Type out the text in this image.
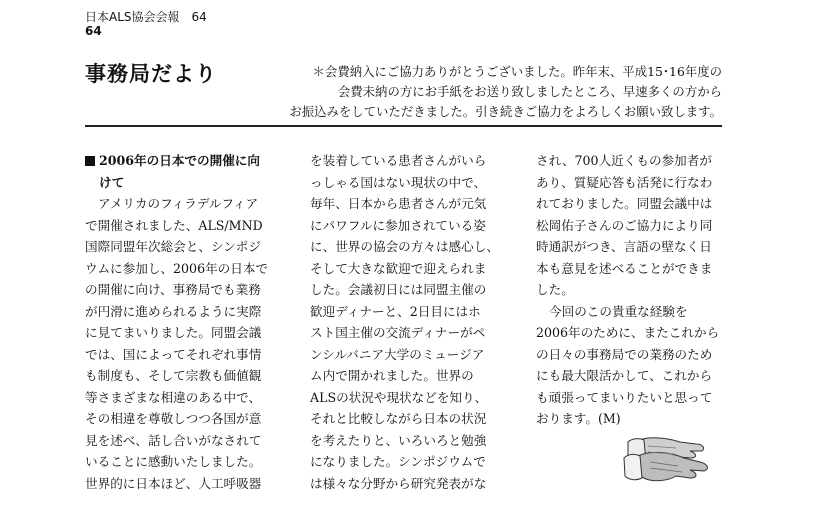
日本ALS協会会報　64
64
事務局だより	＊会費納入にご協力ありがとうございました。昨年末、平成15･16年度の
会費未納の方にお手紙をお送り致しましたところ、早速多くの方から
お振込みをしていただきました。引き続きご協力をよろしくお願い致します。
2006年の日本での開催に向
けて
アメリカのフィラデルフィア
で開催されました、ALS/MND
国際同盟年次総会と、シンポジ
ウムに参加し、2006年の日本で
の開催に向け、事務局でも業務
が円滑に進められるように実際
に見てまいりました。同盟会議
では、国によってそれぞれ事情
も制度も、そして宗教も価値観
等さまざまな相違のある中で、
その相違を尊敬しつつ各国が意
見を述べ、話し合いがなされて
いることに感動いたしました。
世界的に日本ほど、人工呼吸器
を装着している患者さんがいら
っしゃる国はない現状の中で、
毎年、日本から患者さんが元気
にパワフルに参加されている姿
に、世界の協会の方々は感心し、
そして大きな歓迎で迎えられま
した。会議初日には同盟主催の
歓迎ディナーと、2日目にはホ
スト国主催の交流ディナーがペ
ンシルバニア大学のミュージア
ム内で開かれました。世界の
ALSの状況や現状などを知り、
それと比較しながら日本の状況
を考えたりと、いろいろと勉強
になりました。シンポジウムで
は様々な分野から研究発表がな
され、700人近くもの参加者が
あり、質疑応答も活発に行なわ
れておりました。同盟会議中は
松岡佑子さんのご協力により同
時通訳がつき、言語の壁なく日
本も意見を述べることができま
した。
今回のこの貴重な経験を
2006年のために、またこれから
の日々の事務局での業務のため
にも最大限活かして、これから
も頑張ってまいりたいと思って
おります。(M)
